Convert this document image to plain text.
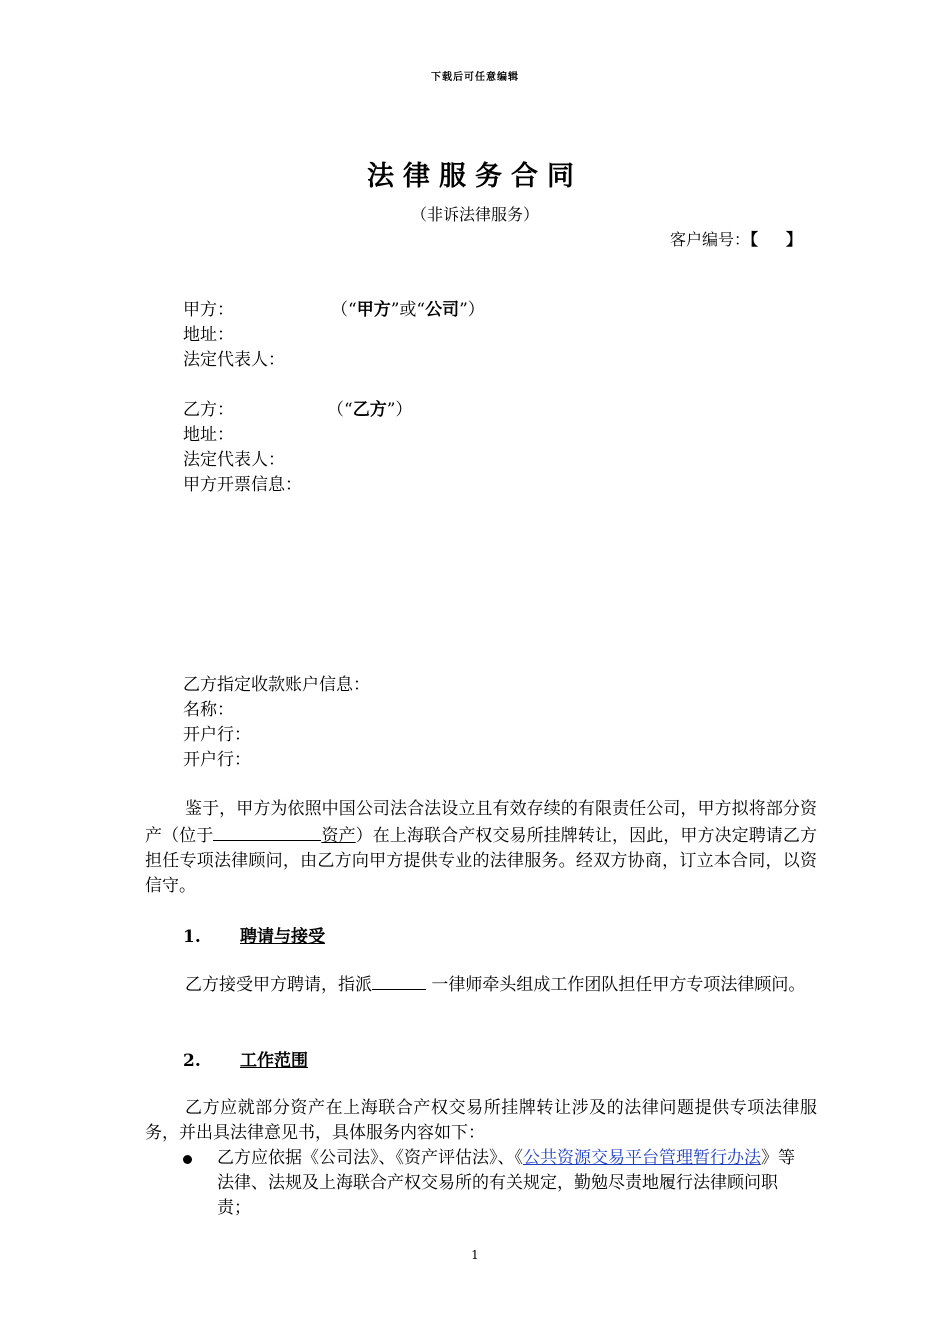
下载后可任意编辑
法律服务合同
（非诉法律服务）
客户编号：【 】
甲方：	（“甲方”或“公司”）
地址：
法定代表人：
乙方：	（“乙方”）
地址：
法定代表人：
甲方开票信息：
乙方指定收款账户信息：
名称：
开户行：
开户行：

鉴于，甲方为依照中国公司法合法设立且有效存续的有限责任公司，甲方拟将部分资产（位于	资产）在上海联合产权交易所挂牌转让，因此，甲方决定聘请乙方担任专项法律顾问，由乙方向甲方提供专业的法律服务。经双方协商，订立本合同，以资信守。

1. 聘请与接受

乙方接受甲方聘请，指派	一律师牵头组成工作团队担任甲方专项法律顾问。

2. 工作范围

乙方应就部分资产在上海联合产权交易所挂牌转让涉及的法律问题提供专项法律服务，并出具法律意见书，具体服务内容如下：

乙方应依据《公司法》、《资产评估法》、《公共资源交易平台管理暂行办法》等法律、法规及上海联合产权交易所的有关规定，勤勉尽责地履行法律顾问职责；
1
